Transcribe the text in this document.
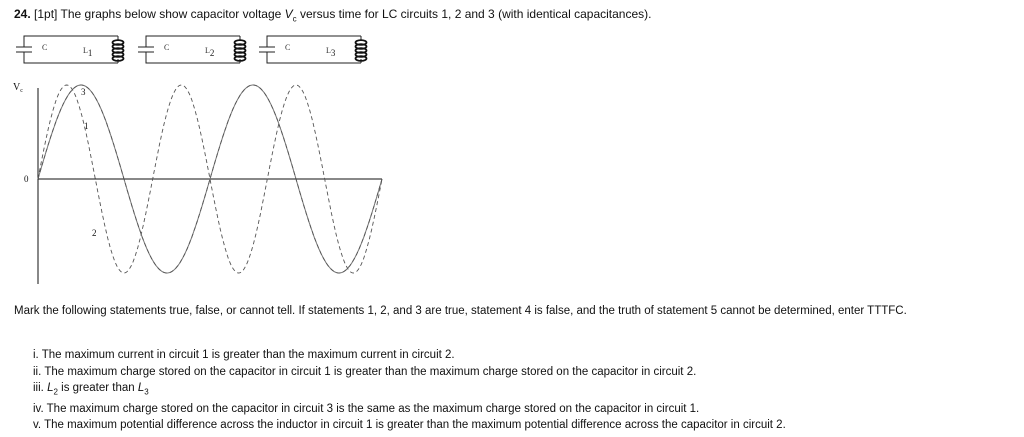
24. [1pt] The graphs below show capacitor voltage $V_c$ versus time for LC circuits 1, 2 and 3 (with identical capacitances).
C	L1
C	L2
C	L3
$V_c$
0
1
2
3
Mark the following statements true, false, or cannot tell. If statements 1, 2, and 3 are true, statement 4 is false, and the truth of statement 5 cannot be determined, enter TTTFC.
i. The maximum current in circuit 1 is greater than the maximum current in circuit 2.
ii. The maximum charge stored on the capacitor in circuit 1 is greater than the maximum charge stored on the capacitor in circuit 2.
iii. $L_2$ is greater than $L_3$
iv. The maximum charge stored on the capacitor in circuit 3 is the same as the maximum charge stored on the capacitor in circuit 1.
v. The maximum potential difference across the inductor in circuit 1 is greater than the maximum potential difference across the capacitor in circuit 2.
